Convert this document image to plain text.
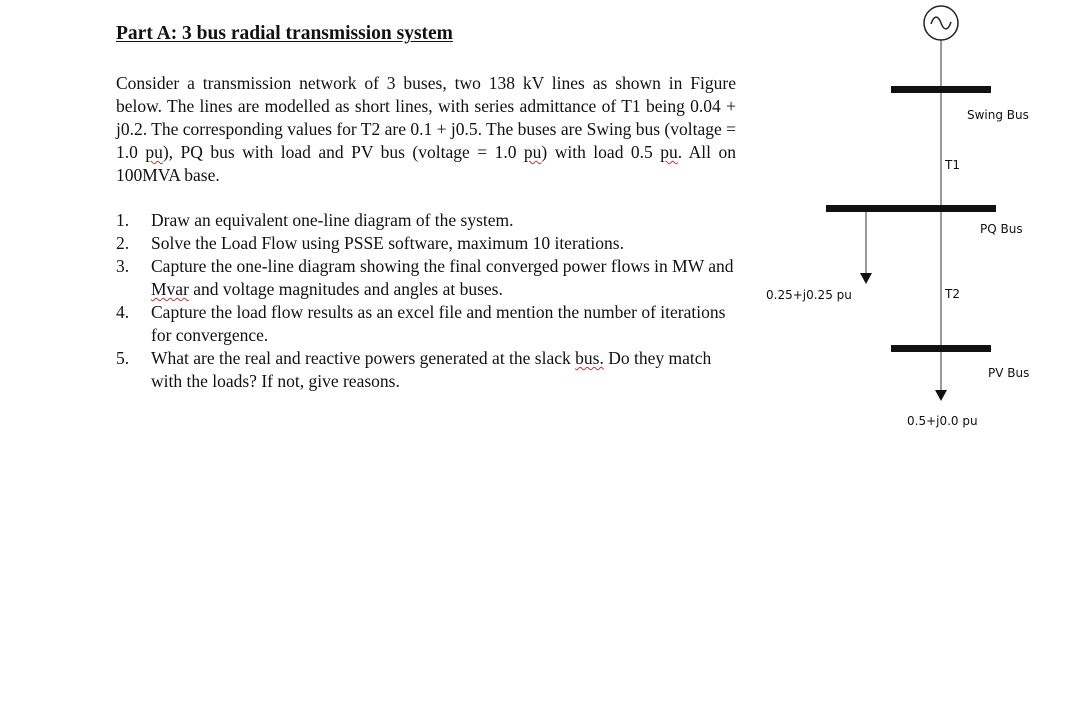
Part A: 3 bus radial transmission system

Consider a transmission network of 3 buses, two 138 kV lines as shown in Figure below. The lines are modelled as short lines, with series admittance of T1 being 0.04 + j0.2. The corresponding values for T2 are 0.1 + j0.5. The buses are Swing bus (voltage = 1.0 pu), PQ bus with load and PV bus (voltage = 1.0 pu) with load 0.5 pu. All on 100MVA base.

1. Draw an equivalent one-line diagram of the system.
2. Solve the Load Flow using PSSE software, maximum 10 iterations.
3. Capture the one-line diagram showing the final converged power flows in MW and Mvar and voltage magnitudes and angles at buses.
4. Capture the load flow results as an excel file and mention the number of iterations for convergence.
5. What are the real and reactive powers generated at the slack bus. Do they match with the loads? If not, give reasons.
Swing Bus
T1
PQ Bus
0.25+j0.25 pu	T2
PV Bus
0.5+j0.0 pu
